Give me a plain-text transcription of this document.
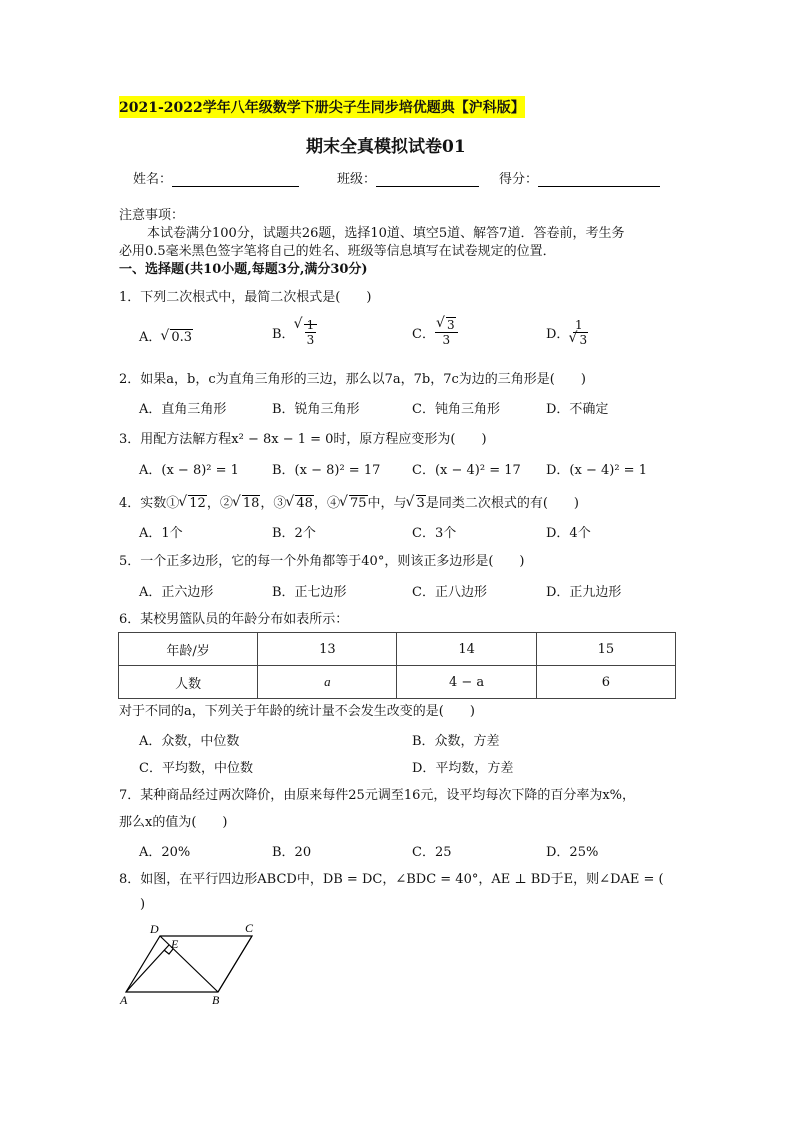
2021-2022学年八年级数学下册尖子生同步培优题典【沪科版】
期末全真模拟试卷01
姓名：	班级：	得分：
注意事项：
本试卷满分100分，试题共26题，选择10道、填空5道、解答7道．答卷前，考生务
必用0.5毫米黑色签字笔将自己的姓名、班级等信息填写在试卷规定的位置．
一、选择题(共10小题,每题3分,满分30分)
1．下列二次根式中，最简二次根式是(　　)
A． √ 0.3	B． √ $\frac{1}{3}$	C． √ $\frac{3}{3}$	D． 1
√ 3
2．如果a，b，c为直角三角形的三边，那么以7a，7b，7c为边的三角形是(　　)
A．直角三角形	B．锐角三角形	C．钝角三角形	D．不确定
3．用配方法解方程x² − 8x − 1 = 0时，原方程应变形为(　　)
A．(x − 8)² = 1	B．(x − 8)² = 17 C．(x − 4)² = 17 D．(x − 4)² = 1
4．实数① √ 12，② √ 18，③ √ 48，④ √ 75中，与 √ 3是同类二次根式的有(　　)
A．1个	B．2个	C．3个	D．4个
5．一个正多边形，它的每一个外角都等于40°，则该正多边形是(　　)
A．正六边形	B．正七边形	C．正八边形	D．正九边形
6．某校男篮队员的年龄分布如表所示：
年龄/岁	13	14	15
人数	a	4 − a	6
对于不同的a，下列关于年龄的统计量不会发生改变的是(　　)
A．众数，中位数	B．众数，方差
C．平均数，中位数	D．平均数，方差
7．某种商品经过两次降价，由原来每件25元调至16元，设平均每次下降的百分率为x%，
那么x的值为(　　)
A．20%	B．20	C．25	D．25%
8．如图，在平行四边形ABCD中，DB = DC，∠BDC = 40°，AE ⊥ BD于E，则∠DAE = (
)
A	B
C
D
E
